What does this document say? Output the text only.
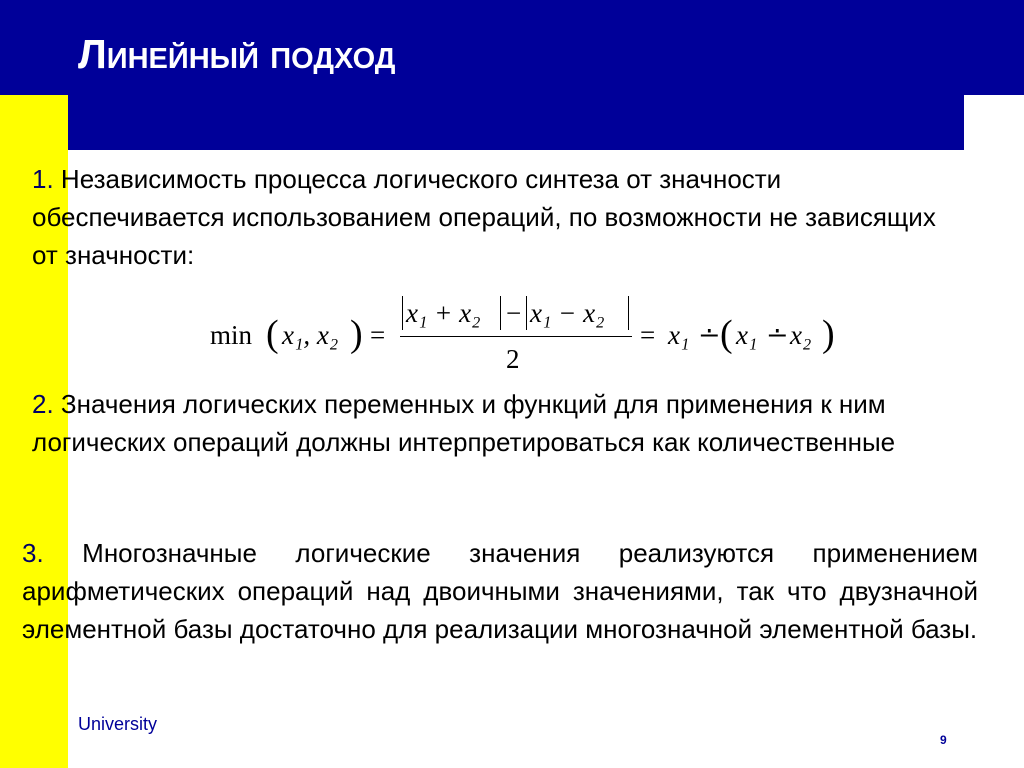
Линейный подход
1. Независимость процесса логического синтеза от значности обеспечивается использованием операций, по возможности не зависящих от значности:
min ( x₁, x₂ ) =
x₁ + x₂ − x₁ − x₂
2
= x₁ ∸ ( x₁ ∸ x₂ )
2. Значения логических переменных и функций для применения к ним логических операций должны интерпретироваться как количественные
3. Многозначные логические значения реализуются применением арифметических операций над двоичными значениями, так что двузначной элементной базы достаточно для реализации многозначной элементной базы.
University
9
